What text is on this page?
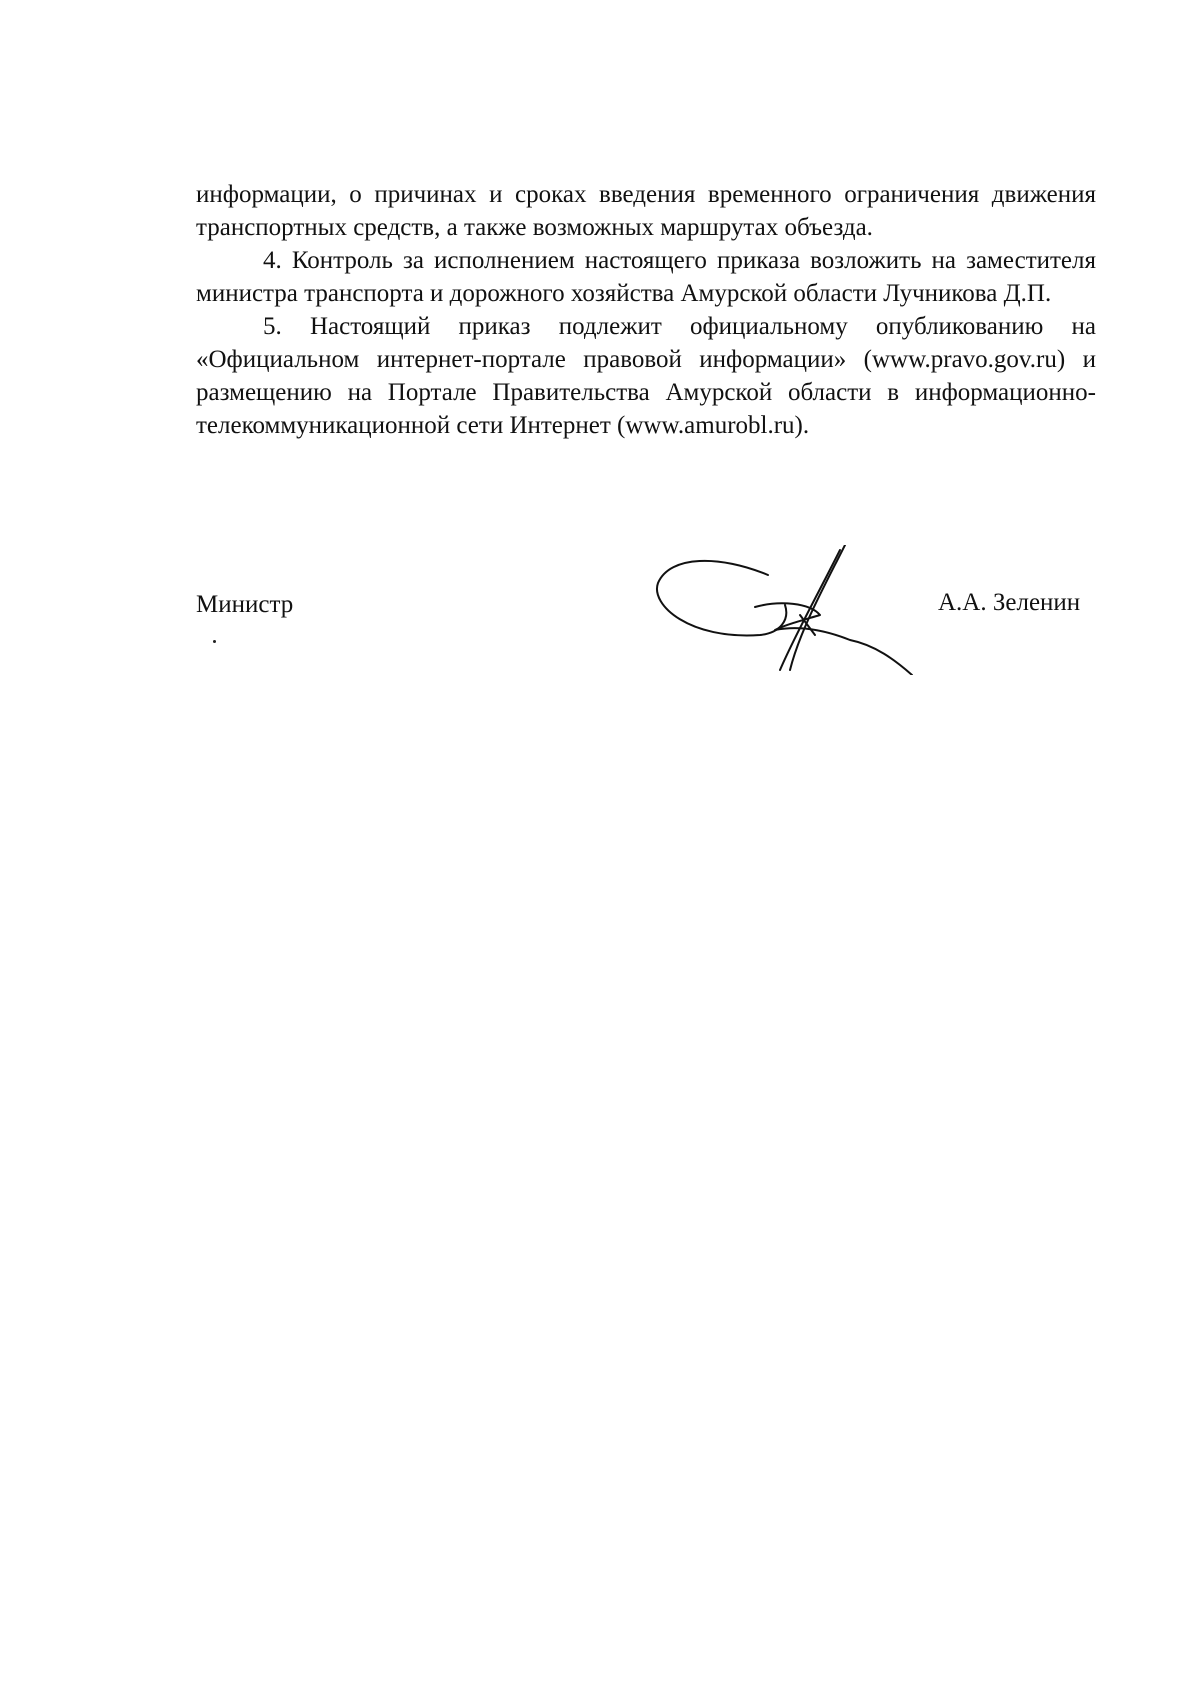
информации, о причинах и сроках введения временного ограничения движения транспортных средств, а также возможных маршрутах объезда.

4. Контроль за исполнением настоящего приказа возложить на заместителя министра транспорта и дорожного хозяйства Амурской области Лучникова Д.П.

5. Настоящий приказ подлежит официальному опубликованию на «Официальном интернет-портале правовой информации» (www.pravo.gov.ru) и размещению на Портале Правительства Амурской области в информационно- телекоммуникационной сети Интернет (www.amurobl.ru).

Министр	А.А. Зеленин
